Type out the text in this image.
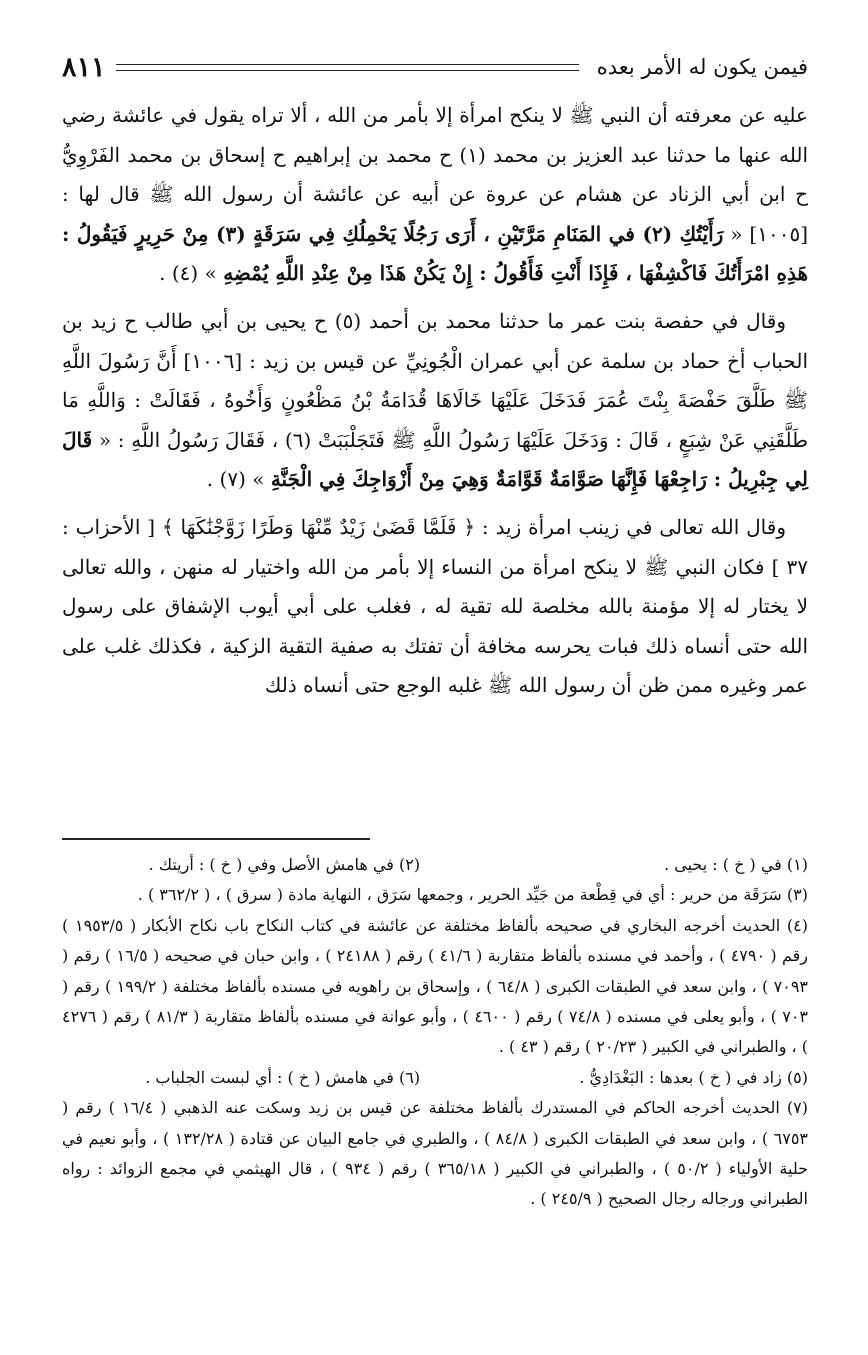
فيمن يكون له الأمر بعده
٨١١

عليه عن معرفته أن النبي ﷺ لا ينكح امرأة إلا بأمر من الله ، ألا تراه يقول في عائشة رضي الله عنها ما حدثنا عبد العزيز بن محمد (١) ح محمد بن إبراهيم ح إسحاق بن محمد الفَرْوِيُّ ح ابن أبي الزناد عن هشام عن عروة عن أبيه عن عائشة أن رسول الله ﷺ قال لها : [١٠٠٥] « رَأَيْتُكِ (٢) في المَنَامِ مَرَّتَيْنِ ، أَرَى رَجُلًا يَحْمِلُكِ فِي سَرَقَةٍ (٣) مِنْ حَرِيرٍ فَيَقُولُ : هَذِهِ امْرَأَتُكَ فَاكْشِفْهَا ، فَإِذَا أَنْتِ فَأَقُولُ : إِنْ يَكُنْ هَذَا مِنْ عِنْدِ اللَّهِ يُمْضِهِ » (٤) .

وقال في حفصة بنت عمر ما حدثنا محمد بن أحمد (٥) ح يحيى بن أبي طالب ح زيد بن الحباب أخ حماد بن سلمة عن أبي عمران الْجُونِيِّ عن قيس بن زيد : [١٠٠٦] أَنَّ رَسُولَ اللَّهِ ﷺ طَلَّقَ حَفْصَةَ بِنْتَ عُمَرَ فَدَخَلَ عَلَيْهَا خَالَاهَا قُدَامَةُ بْنُ مَظْعُونٍ وَأَخُوهُ ، فَقَالَتْ : وَاللَّهِ مَا طَلَّقَنِي عَنْ شِبَعٍ ، قَالَ : وَدَخَلَ عَلَيْهَا رَسُولُ اللَّهِ ﷺ فَتَجَلْبَبَتْ (٦) ، فَقَالَ رَسُولُ اللَّهِ : « قَالَ لِي جِبْرِيلُ : رَاجِعْهَا فَإِنَّهَا صَوَّامَةٌ قَوَّامَةٌ وَهِيَ مِنْ أَزْوَاجِكَ فِي الْجَنَّةِ » (٧) .

وقال الله تعالى في زينب امرأة زيد : ﴿ فَلَمَّا قَضَىٰ زَيْدٌ مِّنْهَا وَطَرًا زَوَّجْنَٰكَهَا ﴾ [ الأحزاب : ٣٧ ] فكان النبي ﷺ لا ينكح امرأة من النساء إلا بأمر من الله واختيار له منهن ، والله تعالى لا يختار له إلا مؤمنة بالله مخلصة لله تقية له ، فغلب على أبي أيوب الإشفاق على رسول الله حتى أنساه ذلك فبات يحرسه مخافة أن تفتك به صفية التقية الزكية ، فكذلك غلب على عمر وغيره ممن ظن أن رسول الله ﷺ غلبه الوجع حتى أنساه ذلك

(١) في ( خ ) : يحيى .
(٢) في هامش الأصل وفي ( خ ) : أريتك .

(٣) سَرَقَة من حرير : أي في قِطْعة من جَيِّد الحرير ، وجمعها سَرَق ، النهاية مادة ( سرق ) ، ( ٣٦٢/٢ ) .

(٤) الحديث أخرجه البخاري في صحيحه بألفاظ مختلفة عن عائشة في كتاب النكاح باب نكاح الأبكار ( ١٩٥٣/٥ ) رقم ( ٤٧٩٠ ) ، وأحمد في مسنده بألفاظ متقاربة ( ٤١/٦ ) رقم ( ٢٤١٨٨ ) ، وابن حبان في صحيحه ( ١٦/٥ ) رقم ( ٧٠٩٣ ) ، وابن سعد في الطبقات الكبرى ( ٦٤/٨ ) ، وإسحاق بن راهويه في مسنده بألفاظ مختلفة ( ١٩٩/٢ ) رقم ( ٧٠٣ ) ، وأبو يعلى في مسنده ( ٧٤/٨ ) رقم ( ٤٦٠٠ ) ، وأبو عوانة في مسنده بألفاظ متقاربة ( ٨١/٣ ) رقم ( ٤٢٧٦ ) ، والطبراني في الكبير ( ٢٠/٢٣ ) رقم ( ٤٣ ) .

(٥) زاد في ( خ ) بعدها : البَغْدَادِيُّ .
(٦) في هامش ( خ ) : أي لبست الجلباب .

(٧) الحديث أخرجه الحاكم في المستدرك بألفاظ مختلفة عن قيس بن زيد وسكت عنه الذهبي ( ١٦/٤ ) رقم ( ٦٧٥٣ ) ، وابن سعد في الطبقات الكبرى ( ٨٤/٨ ) ، والطبري في جامع البيان عن قتادة ( ١٣٢/٢٨ ) ، وأبو نعيم في حلية الأولياء ( ٥٠/٢ ) ، والطبراني في الكبير ( ٣٦٥/١٨ ) رقم ( ٩٣٤ ) ، قال الهيثمي في مجمع الزوائد : رواه الطبراني ورجاله رجال الصحيح ( ٢٤٥/٩ ) .
